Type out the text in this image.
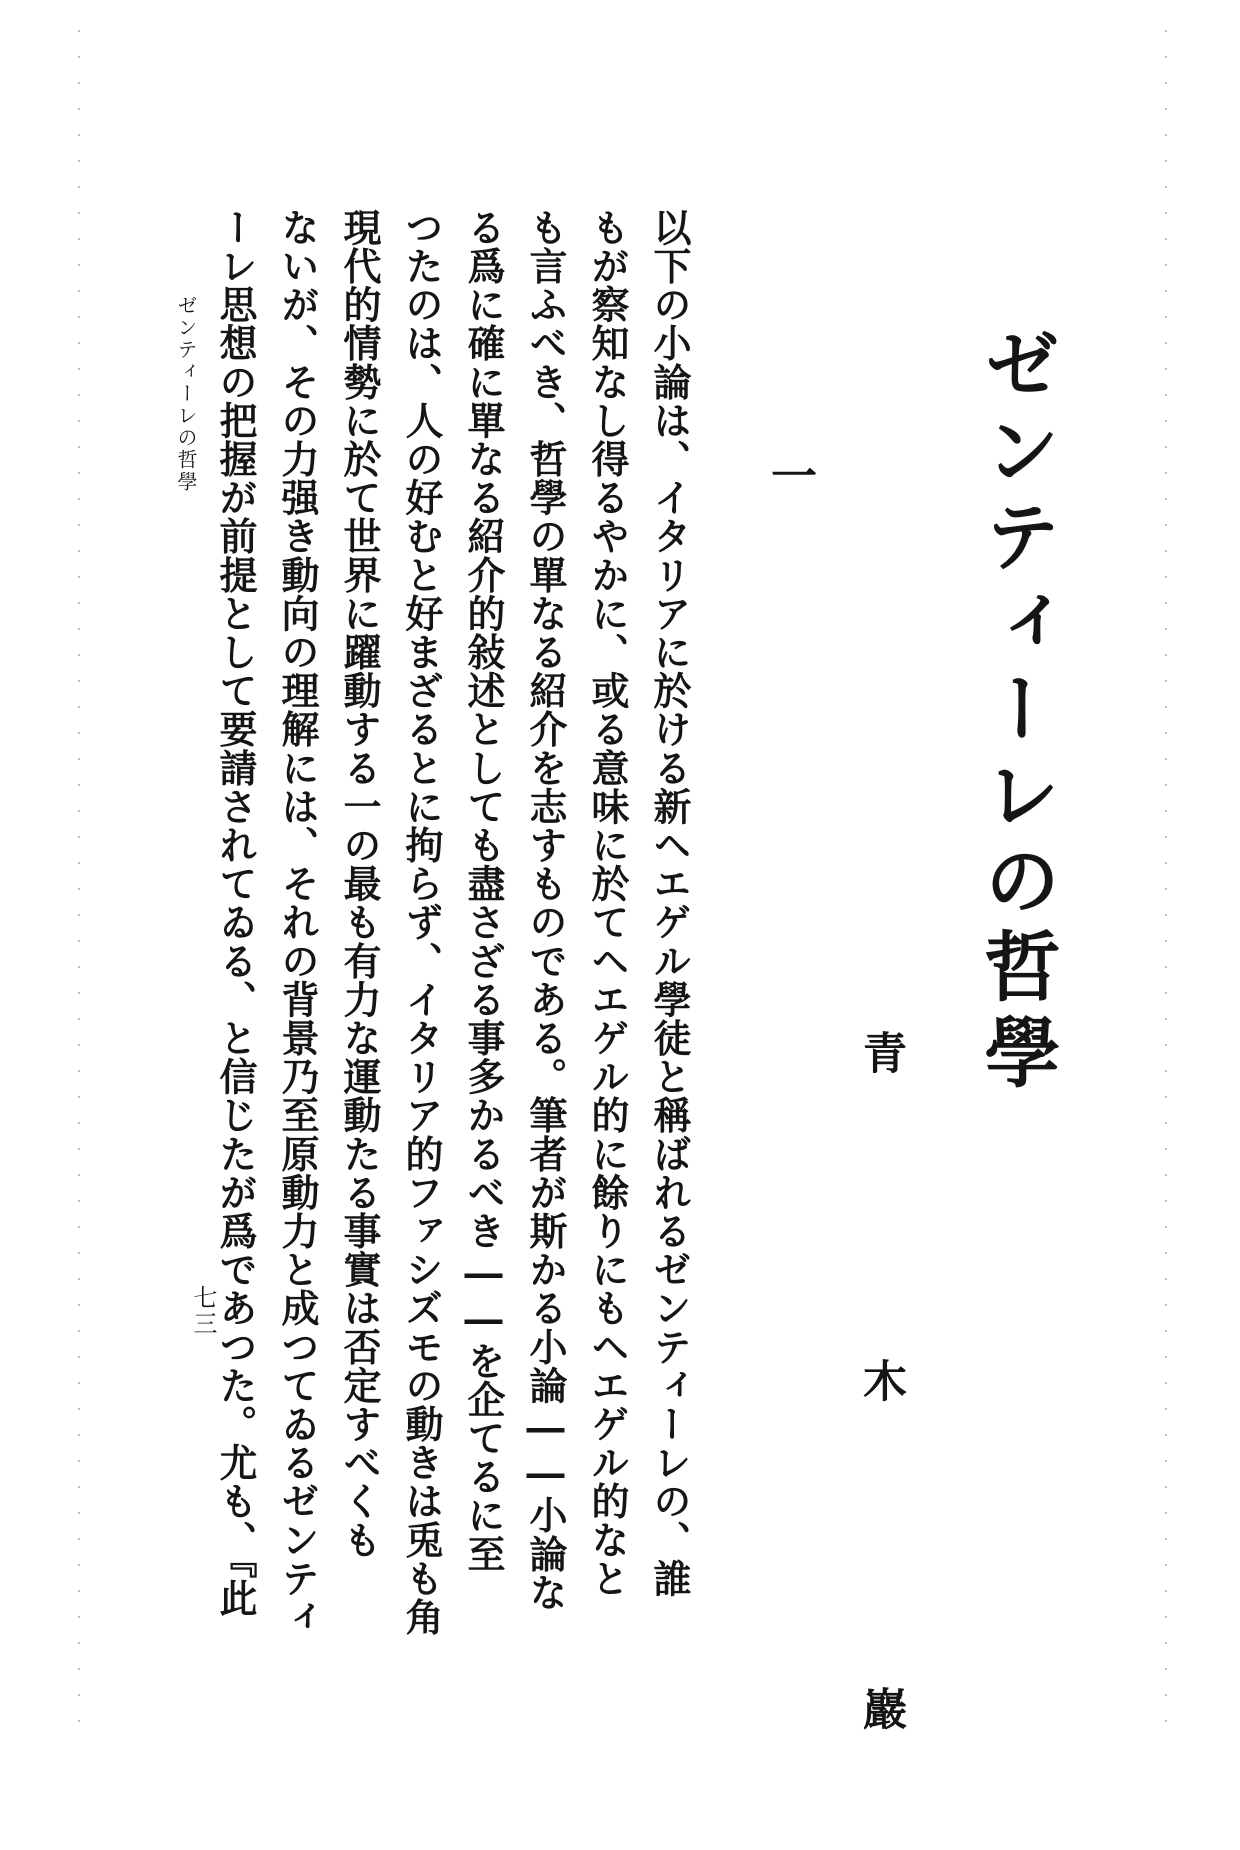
ゼンティーレの哲學
青　木　巖
一
以下の小論は、イタリアに於ける新ヘエゲル學徒と稱ばれるゼンティーレの、誰
もが察知なし得るやかに、或る意味に於てヘエゲル的に餘りにもヘエゲル的なと
も言ふべき、哲學の單なる紹介を志すものである。筆者が斯かる小論――小論な
る爲に確に單なる紹介的敍述としても盡さざる事多かるべき――を企てるに至
つたのは、人の好むと好まざるとに拘らず、イタリア的ファシズモの動きは兎も角
現代的情勢に於て世界に躍動する一の最も有力な運動たる事實は否定すべくも
ないが、その力强き動向の理解には、それの背景乃至原動力と成つてゐるゼンティ
ーレ思想の把握が前提として要請されてゐる、と信じたが爲であつた。尤も、『此
ゼンティーレの哲學
七三
